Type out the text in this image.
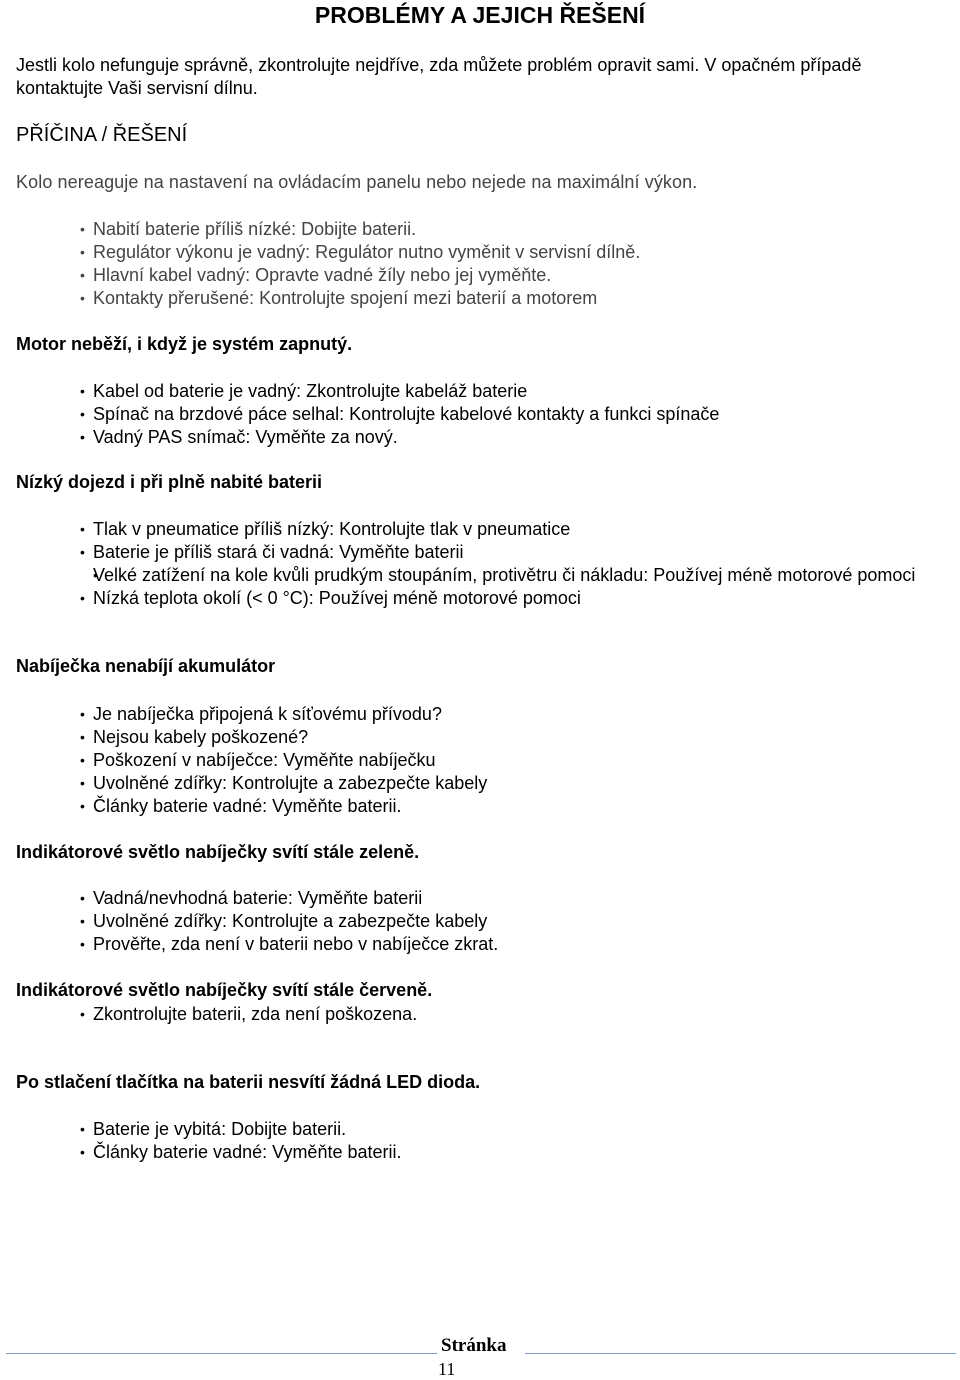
PROBLÉMY A JEJICH ŘEŠENÍ
Jestli kolo nefunguje správně, zkontrolujte nejdříve, zda můžete problém opravit sami. V opačném případě kontaktujte Vaši servisní dílnu.
PŘÍČINA / ŘEŠENÍ
Kolo nereaguje na nastavení na ovládacím panelu nebo nejede na maximální výkon.
• Nabití baterie příliš nízké: Dobijte baterii.
• Regulátor výkonu je vadný: Regulátor nutno vyměnit v servisní dílně.
• Hlavní kabel vadný: Opravte vadné žíly nebo jej vyměňte.
• Kontakty přerušené: Kontrolujte spojení mezi baterií a motorem
Motor neběží, i když je systém zapnutý.
• Kabel od baterie je vadný: Zkontrolujte kabeláž baterie
• Spínač na brzdové páce selhal: Kontrolujte kabelové kontakty a funkci spínače
• Vadný PAS snímač: Vyměňte za nový.
Nízký dojezd i při plně nabité baterii
• Tlak v pneumatice příliš nízký: Kontrolujte tlak v pneumatice
• Baterie je příliš stará či vadná: Vyměňte baterii
• Velké zatížení na kole kvůli prudkým stoupáním, protivětru či nákladu: Používej méně motorové pomoci
• Nízká teplota okolí (< 0 °C): Používej méně motorové pomoci
Nabíječka nenabíjí akumulátor
• Je nabíječka připojená k síťovému přívodu?
• Nejsou kabely poškozené?
• Poškození v nabíječce: Vyměňte nabíječku
• Uvolněné zdířky: Kontrolujte a zabezpečte kabely
• Články baterie vadné: Vyměňte baterii.
Indikátorové světlo nabíječky svítí stále zeleně.
• Vadná/nevhodná baterie: Vyměňte baterii
• Uvolněné zdířky: Kontrolujte a zabezpečte kabely
• Prověřte, zda není v baterii nebo v nabíječce zkrat.
Indikátorové světlo nabíječky svítí stále červeně.
• Zkontrolujte baterii, zda není poškozena.
Po stlačení tlačítka na baterii nesvítí žádná LED dioda.
• Baterie je vybitá: Dobijte baterii.
• Články baterie vadné: Vyměňte baterii.
Stránka
11
